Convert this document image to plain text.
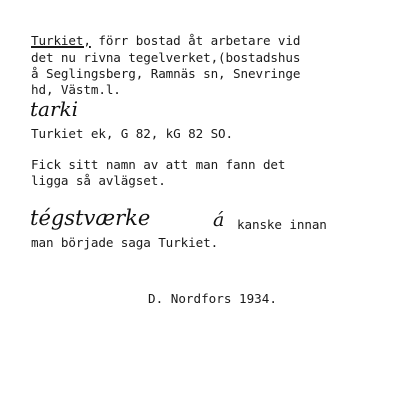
Turkiet, förr bostad åt arbetare vid
det nu rivna tegelverket,(bostadshus
å Seglingsberg, Ramnäs sn, Snevringe
hd, Västm.l.
tarki
Turkiet ek, G 82, kG 82 SO.
Fick sitt namn av att man fann det
ligga så avlägset.
tégstværke	á kanske innan
man började saga Turkiet.
D. Nordfors 1934.
